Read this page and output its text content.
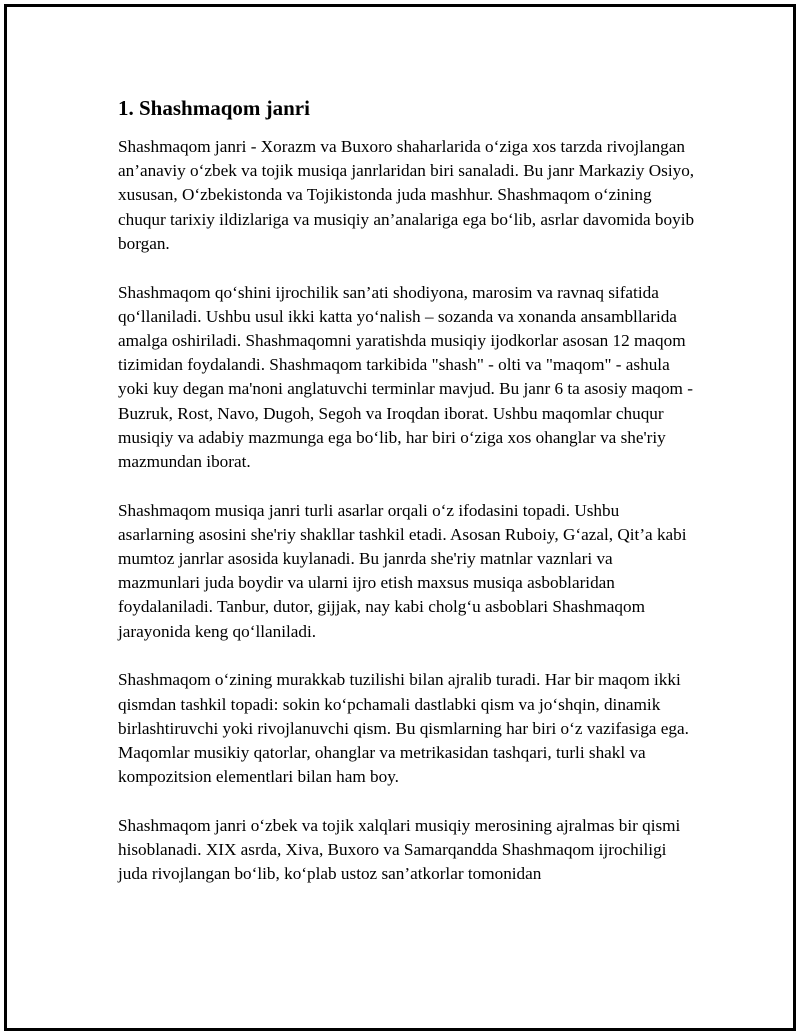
1. Shashmaqom janri

Shashmaqom janri - Xorazm va Buxoro shaharlarida o‘ziga xos tarzda rivojlangan an’anaviy o‘zbek va tojik musiqa janrlaridan biri sanaladi. Bu janr Markaziy Osiyo, xususan, O‘zbekistonda va Tojikistonda juda mashhur. Shashmaqom o‘zining chuqur tarixiy ildizlariga va musiqiy an’analariga ega bo‘lib, asrlar davomida boyib borgan.

Shashmaqom qo‘shini ijrochilik san’ati shodiyona, marosim va ravnaq sifatida qo‘llaniladi. Ushbu usul ikki katta yo‘nalish – sozanda va xonanda ansambllarida amalga oshiriladi. Shashmaqomni yaratishda musiqiy ijodkorlar asosan 12 maqom tizimidan foydalandi. Shashmaqom tarkibida "shash" - olti va "maqom" - ashula yoki kuy degan ma'noni anglatuvchi terminlar mavjud. Bu janr 6 ta asosiy maqom - Buzruk, Rost, Navo, Dugoh, Segoh va Iroqdan iborat. Ushbu maqomlar chuqur musiqiy va adabiy mazmunga ega bo‘lib, har biri o‘ziga xos ohanglar va she'riy mazmundan iborat.

Shashmaqom musiqa janri turli asarlar orqali o‘z ifodasini topadi. Ushbu asarlarning asosini she'riy shakllar tashkil etadi. Asosan Ruboiy, G‘azal, Qit’a kabi mumtoz janrlar asosida kuylanadi. Bu janrda she'riy matnlar vaznlari va mazmunlari juda boydir va ularni ijro etish maxsus musiqa asboblaridan foydalaniladi. Tanbur, dutor, gijjak, nay kabi cholg‘u asboblari Shashmaqom jarayonida keng qo‘llaniladi.

Shashmaqom o‘zining murakkab tuzilishi bilan ajralib turadi. Har bir maqom ikki qismdan tashkil topadi: sokin ko‘pchamali dastlabki qism va jo‘shqin, dinamik birlashtiruvchi yoki rivojlanuvchi qism. Bu qismlarning har biri o‘z vazifasiga ega. Maqomlar musikiy qatorlar, ohanglar va metrikasidan tashqari, turli shakl va kompozitsion elementlari bilan ham boy.

Shashmaqom janri o‘zbek va tojik xalqlari musiqiy merosining ajralmas bir qismi hisoblanadi. XIX asrda, Xiva, Buxoro va Samarqandda Shashmaqom ijrochiligi juda rivojlangan bo‘lib, ko‘plab ustoz san’atkorlar tomonidan
